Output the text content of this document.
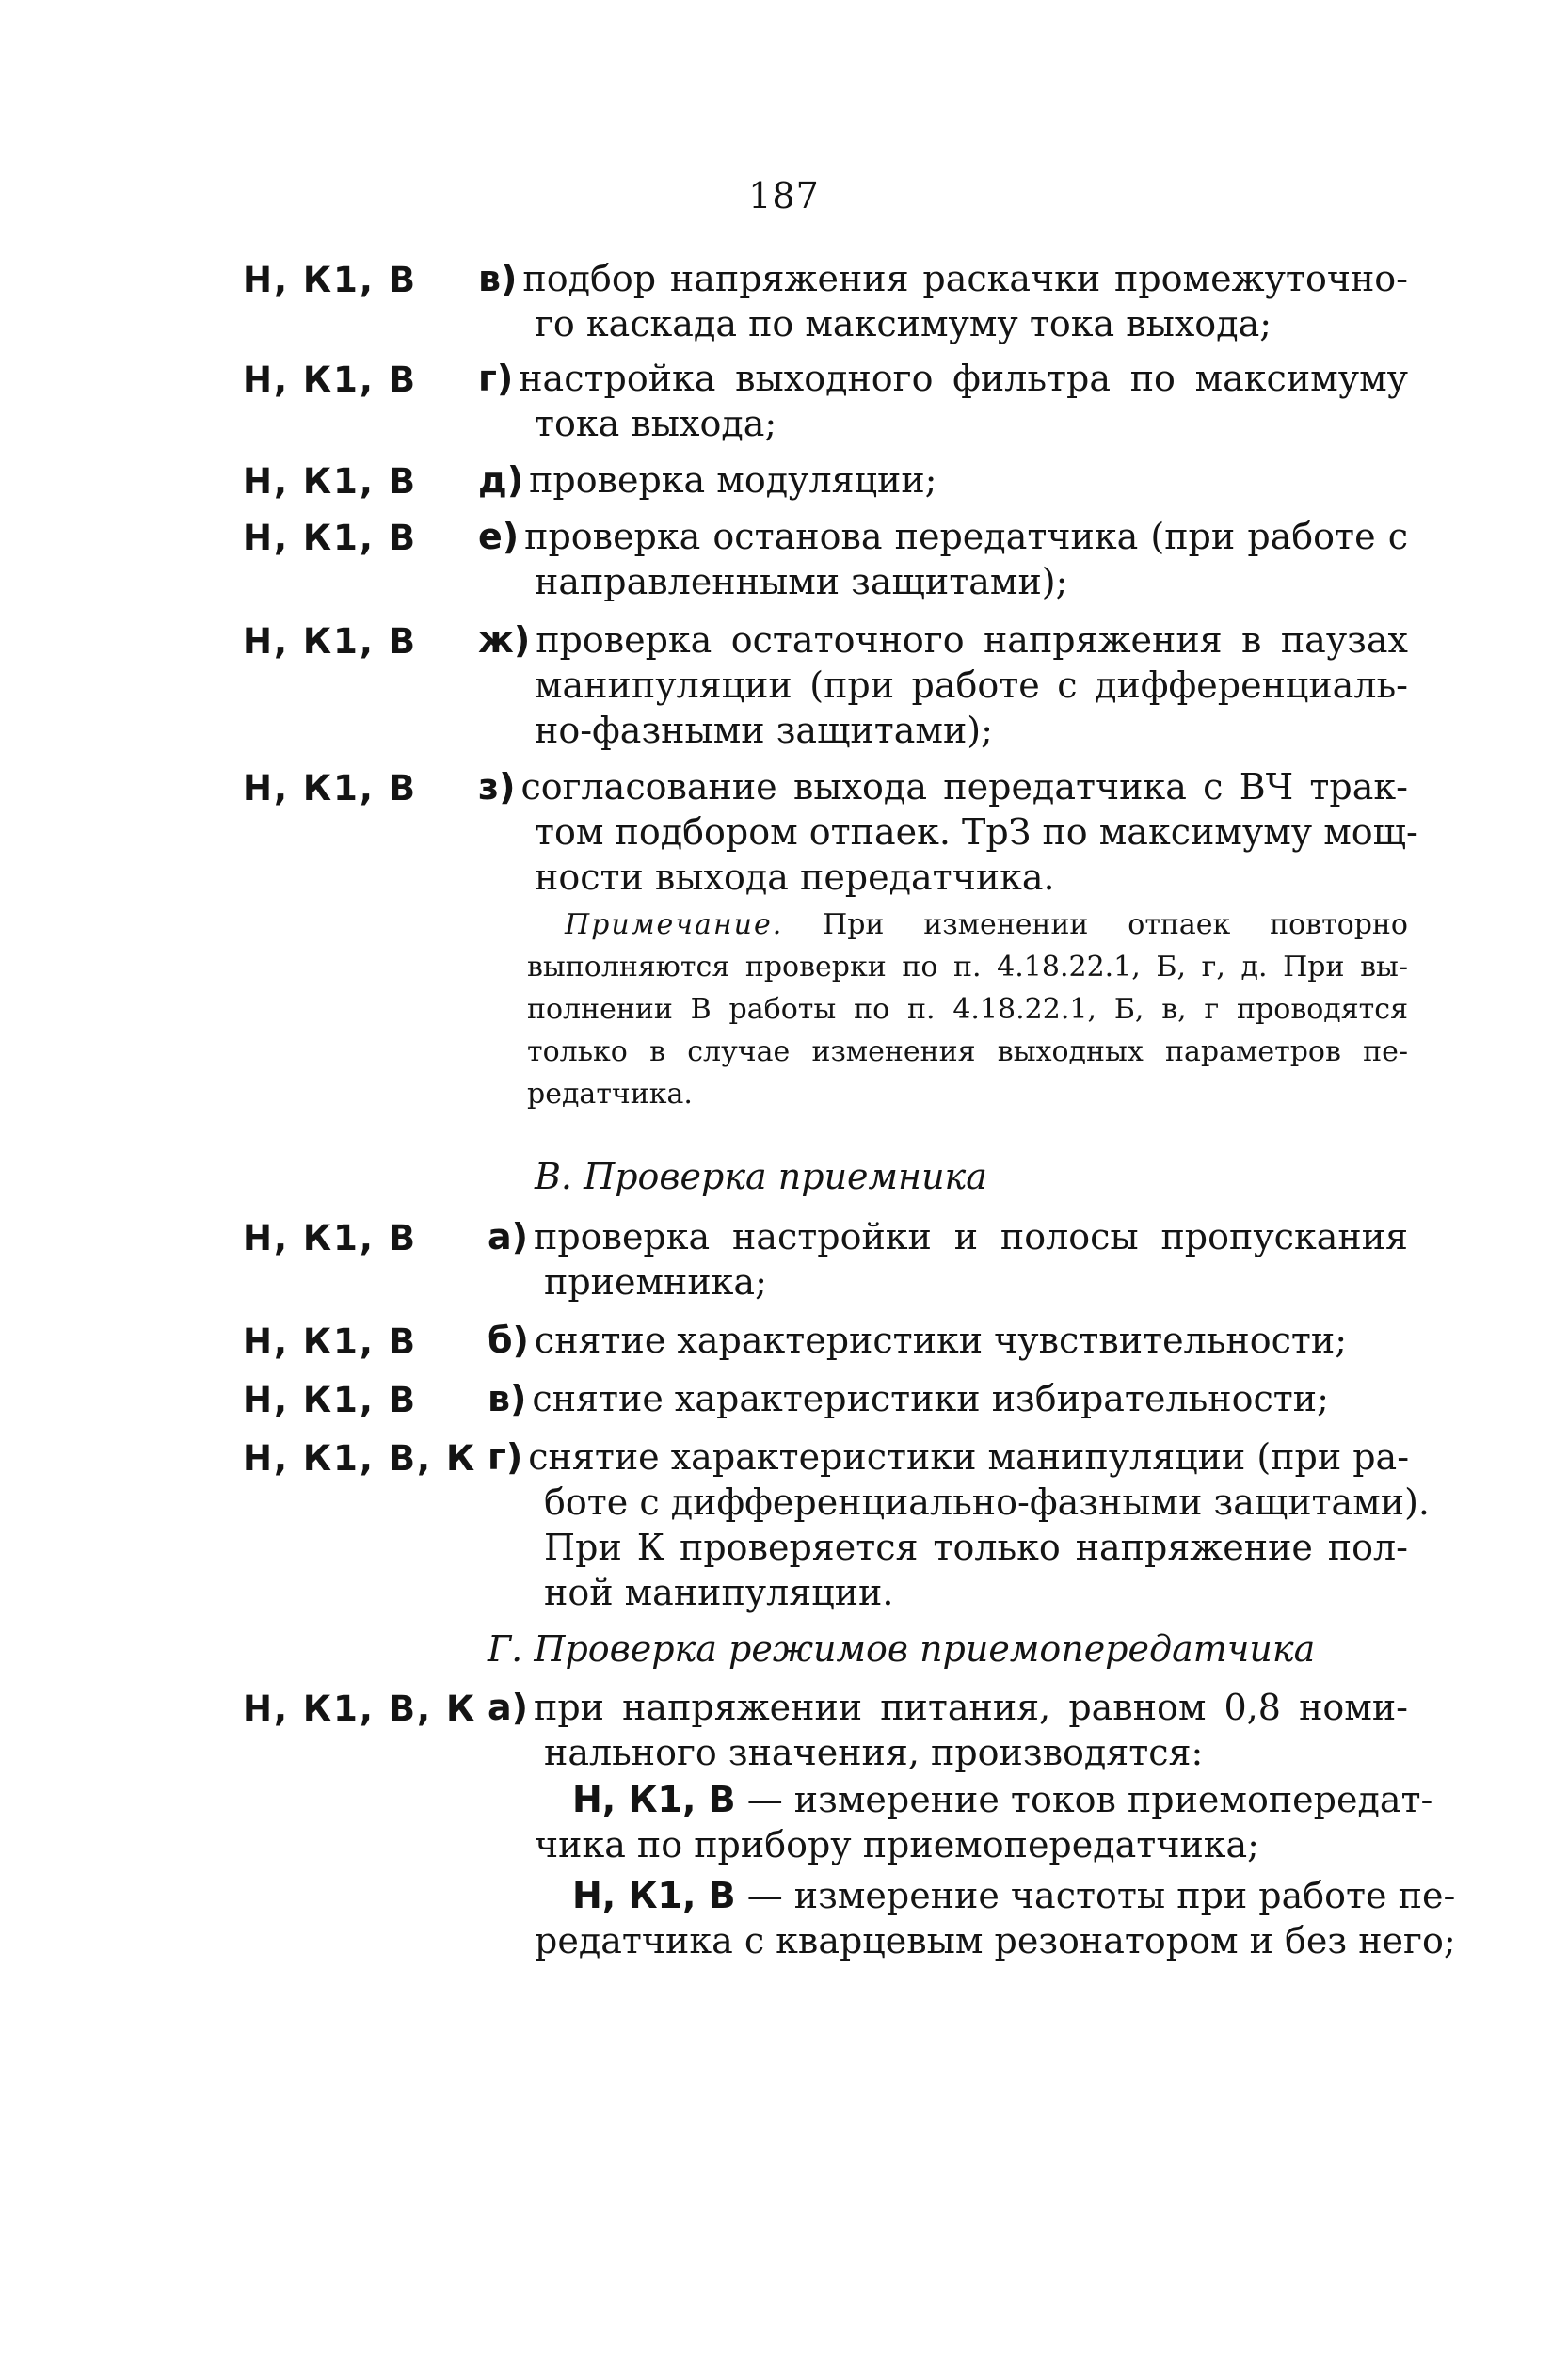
187
Н, К1, В в) подбор напряжения раскачки промежуточно-
го каскада по максимуму тока выхода;
Н, К1, В г) настройка выходного фильтра по максимуму
тока выхода;
Н, К1, В д) проверка модуляции;
Н, К1, В е) проверка останова передатчика (при работе с
направленными защитами);
Н, К1, В ж) проверка остаточного напряжения в паузах
манипуляции (при работе с дифференциаль-
но-фазными защитами);
Н, К1, В з) согласование выхода передатчика с ВЧ трак-
том подбором отпаек. ТрЗ по максимуму мощ-
ности выхода передатчика.
Примечание. При изменении отпаек повторно
выполняются проверки по п. 4.18.22.1, Б, г, д. При вы-
полнении В работы по п. 4.18.22.1, Б, в, г проводятся
только в случае изменения выходных параметров пе-
редатчика.
В. Проверка приемника
Н, К1, В а) проверка настройки и полосы пропускания
приемника;
Н, К1, В б) снятие характеристики чувствительности;
Н, К1, В в) снятие характеристики избирательности;
Н, К1, В, К г) снятие характеристики манипуляции (при ра-
боте с дифференциально-фазными защитами).
При К проверяется только напряжение пол-
ной манипуляции.
Г. Проверка режимов приемопередатчика
Н, К1, В, К а) при напряжении питания, равном 0,8 номи-
нального значения, производятся:
Н, К1, В — измерение токов приемопередат-
чика по прибору приемопередатчика;
Н, К1, В — измерение частоты при работе пе-
редатчика с кварцевым резонатором и без него;
